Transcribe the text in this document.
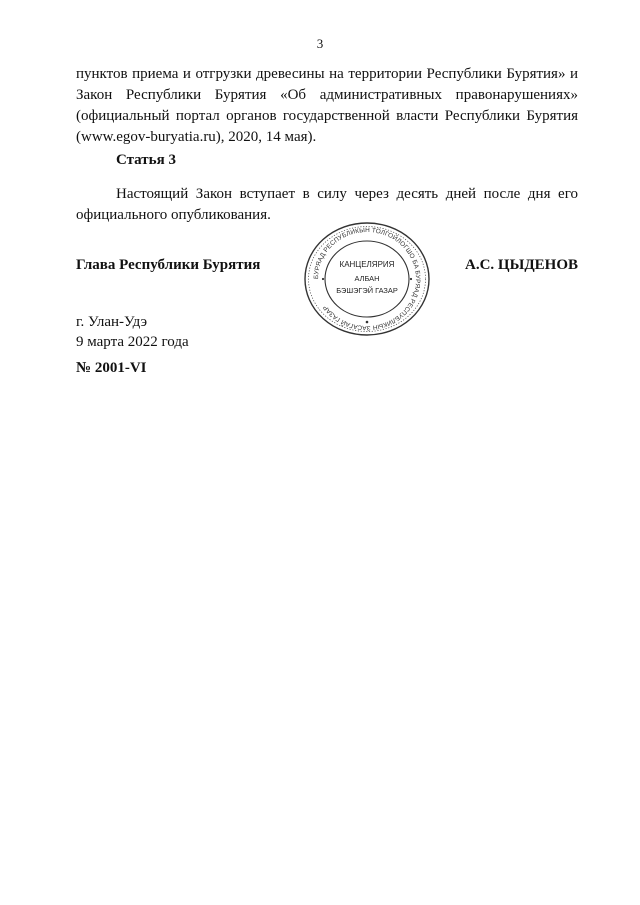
3

пунктов приема и отгрузки древесины на территории Республики Бурятия» и Закон Республики Бурятия «Об административных правонарушениях» (официальный портал органов государственной власти Республики Бурятия (www.egov-buryatia.ru), 2020, 14 мая).

Статья 3

Настоящий Закон вступает в силу через десять дней после дня его официального опубликования.

Глава Республики Бурятия	А.С. ЦЫДЕНОВ
БУРЯАД РЕСПУБЛИКЫН ТОЛГОЙЛОГШО БА БУРЯАД РЕСПУБЛИКЫН ЗАСАГАЙ ГАЗАР
КАНЦЕЛЯРИЯ
АЛБАН
БЭШЭГЭЙ ГАЗАР
г. Улан-Удэ
9 марта 2022 года
№ 2001-VI
